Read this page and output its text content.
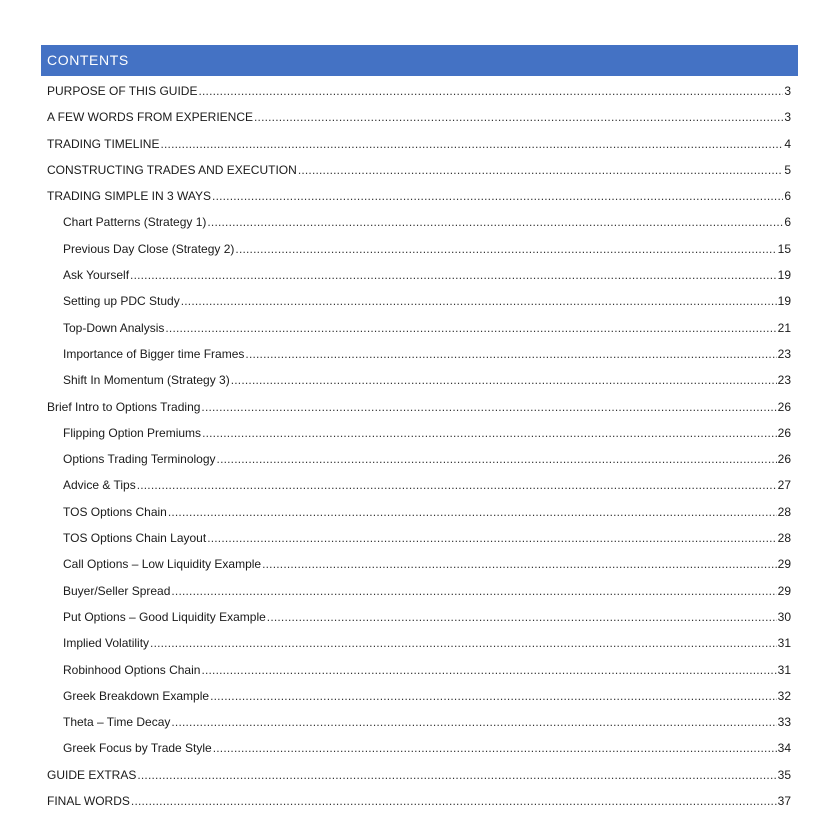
CONTENTS
PURPOSE OF THIS GUIDE .....	3
A FEW WORDS FROM EXPERIENCE .....	3
TRADING TIMELINE .....	4
CONSTRUCTING TRADES AND EXECUTION .....	5
TRADING SIMPLE IN 3 WAYS .....	6
Chart Patterns (Strategy 1) .....	6
Previous Day Close (Strategy 2) .....	15
Ask Yourself .....	19
Setting up PDC Study .....	19
Top-Down Analysis .....	21
Importance of Bigger time Frames .....	23
Shift In Momentum (Strategy 3) .....	23
Brief Intro to Options Trading .....	26
Flipping Option Premiums .....	26
Options Trading Terminology .....	26
Advice & Tips .....	27
TOS Options Chain .....	28
TOS Options Chain Layout .....	28
Call Options – Low Liquidity Example .....	29
Buyer/Seller Spread .....	29
Put Options – Good Liquidity Example .....	30
Implied Volatility .....	31
Robinhood Options Chain .....	31
Greek Breakdown Example .....	32
Theta – Time Decay .....	33
Greek Focus by Trade Style .....	34
GUIDE EXTRAS .....	35
FINAL WORDS .....	37
